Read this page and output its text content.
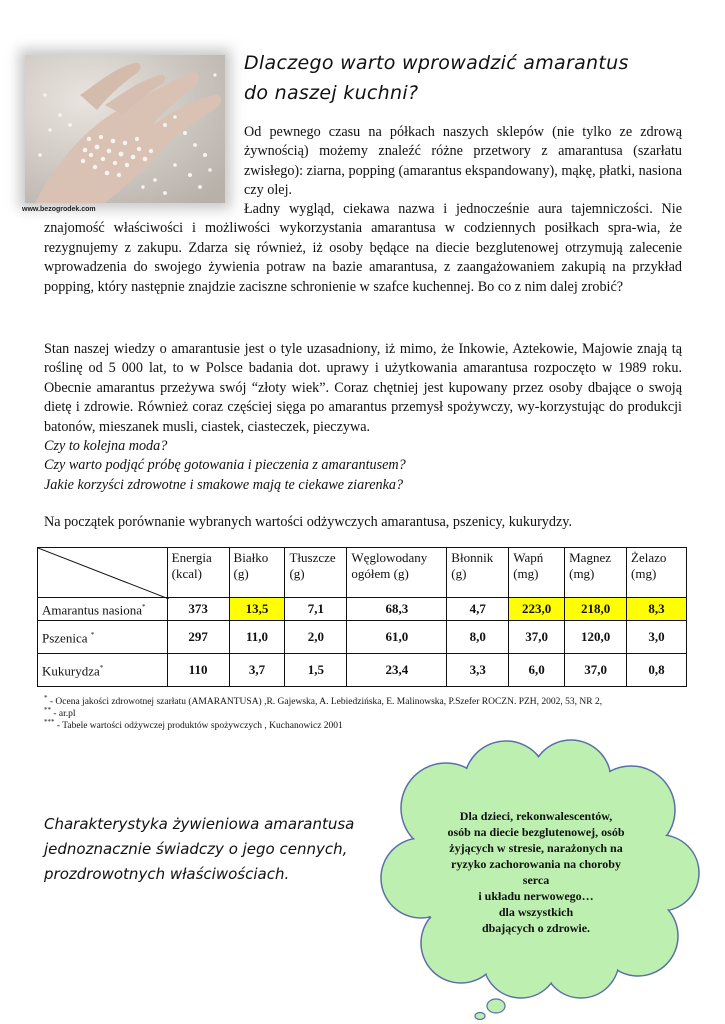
www.bezogrodek.com
Dlaczego warto wprowadzić amarantus
do naszej kuchni?
Od pewnego czasu na półkach naszych sklepów (nie tylko ze zdrową żywnością) możemy znaleźć różne przetwory z amarantusa (szarłatu zwisłego): ziarna, popping (amarantus ekspandowany), mąkę, płatki, nasiona czy olej.
Ładny wygląd, ciekawa nazwa i jednocześnie aura tajemniczości. Nie znajomość właściwości i możliwości wykorzystania amarantusa w codziennych posiłkach spra-wia, że rezygnujemy z zakupu. Zdarza się również, iż osoby będące na diecie bezglutenowej otrzymują zalecenie wprowadzenia do swojego żywienia potraw na bazie amarantusa, z zaangażowaniem zakupią na przykład popping, który następnie znajdzie zaciszne schronienie w szafce kuchennej. Bo co z nim dalej zrobić?
Stan naszej wiedzy o amarantusie jest o tyle uzasadniony, iż mimo, że Inkowie, Aztekowie, Majowie znają tą roślinę od 5 000 lat, to w Polsce badania dot. uprawy i użytkowania amarantusa rozpoczęto w 1989 roku. Obecnie amarantus przeżywa swój “złoty wiek”. Coraz chętniej jest kupowany przez osoby dbające o swoją dietę i zdrowie. Również coraz częściej sięga po amarantus przemysł spożywczy, wy-korzystując do produkcji batonów, mieszanek musli, ciastek, ciasteczek, pieczywa.
Czy to kolejna moda?
Czy warto podjąć próbę gotowania i pieczenia z amarantusem?
Jakie korzyści zdrowotne i smakowe mają te ciekawe ziarenka?
Na początek porównanie wybranych wartości odżywczych amarantusa, pszenicy, kukurydzy.
	Energia (kcal)	Białko (g)	Tłuszcze (g)	Węglowodany ogółem (g)	Błonnik (g)	Wapń (mg)	Magnez (mg)	Żelazo (mg)
Amarantus nasiona*	373	13,5	7,1	68,3	4,7	223,0	218,0	8,3
Pszenica *	297	11,0	2,0	61,0	8,0	37,0	120,0	3,0
Kukurydza*	110	3,7	1,5	23,4	3,3	6,0	37,0	0,8
* - Ocena jakości zdrowotnej szarłatu (AMARANTUSA) ,R. Gajewska, A. Lebiedzińska, E. Malinowska, P.Szefer ROCZN. PZH, 2002, 53, NR 2,
** - ar.pl
*** - Tabele wartości odżywczej produktów spożywczych , Kuchanowicz 2001
Charakterystyka żywieniowa amarantusa
jednoznacznie świadczy o jego cennych,
prozdrowotnych właściwościach.
Dla dzieci, rekonwalescentów,
osób na diecie bezglutenowej, osób
żyjących w stresie, narażonych na
ryzyko zachorowania na choroby
serca
i układu nerwowego…
dla wszystkich
dbających o zdrowie.
